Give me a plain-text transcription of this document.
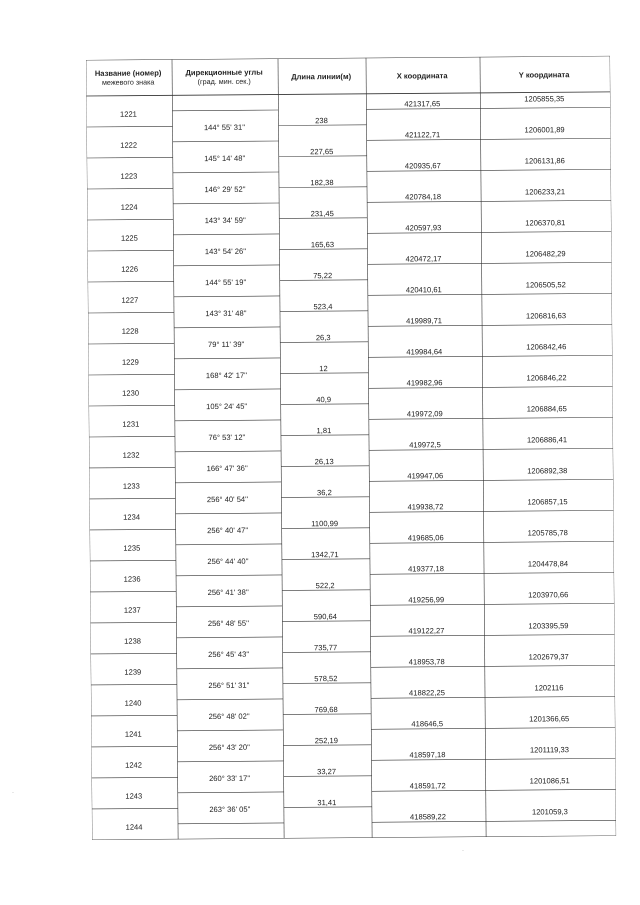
Название (номер)
межевого знака
Дирекционные углы
(град. мин. сек.)
Длина линии(м)	X координата	Y координата
1221
421317,65
1205855,35
1222
421122,71
1206001,89
1223
420935,67
1206131,86
1224
420784,18
1206233,21
1225
420597,93
1206370,81
1226
420472,17
1206482,29
1227
420410,61
1206505,52
1228
419989,71
1206816,63
1229
419984,64
1206842,46
1230
419982,96
1206846,22
1231
419972,09
1206884,65
1232
419972,5
1206886,41
1233
419947,06
1206892,38
1234
419938,72
1206857,15
1235
419685,06
1205785,78
1236
419377,18
1204478,84
1237
419256,99
1203970,66
1238
419122,27
1203395,59
1239
418953,78
1202679,37
1240
418822,25
1202116
1241
418646,5
1201366,65
1242
418597,18
1201119,33
1243
418591,72
1201086,51
1244
418589,22
1201059,3
144° 55' 31''
238
145° 14' 48''
227,65
146° 29' 52''
182,38
143° 34' 59''
231,45
143° 54' 26''
165,63
144° 55' 19''
75,22
143° 31' 48''
523,4
79° 11' 39''
26,3
168° 42' 17''
12
105° 24' 45''
40,9
76° 53' 12''
1,81
166° 47' 36''
26,13
256° 40' 54''
36,2
256° 40' 47''
1100,99
256° 44' 40''
1342,71
256° 41' 38''
522,2
256° 48' 55''
590,64
256° 45' 43''
735,77
256° 51' 31''
578,52
256° 48' 02''
769,68
256° 43' 20''
252,19
260° 33' 17''
33,27
263° 36' 05''
31,41
·
·
